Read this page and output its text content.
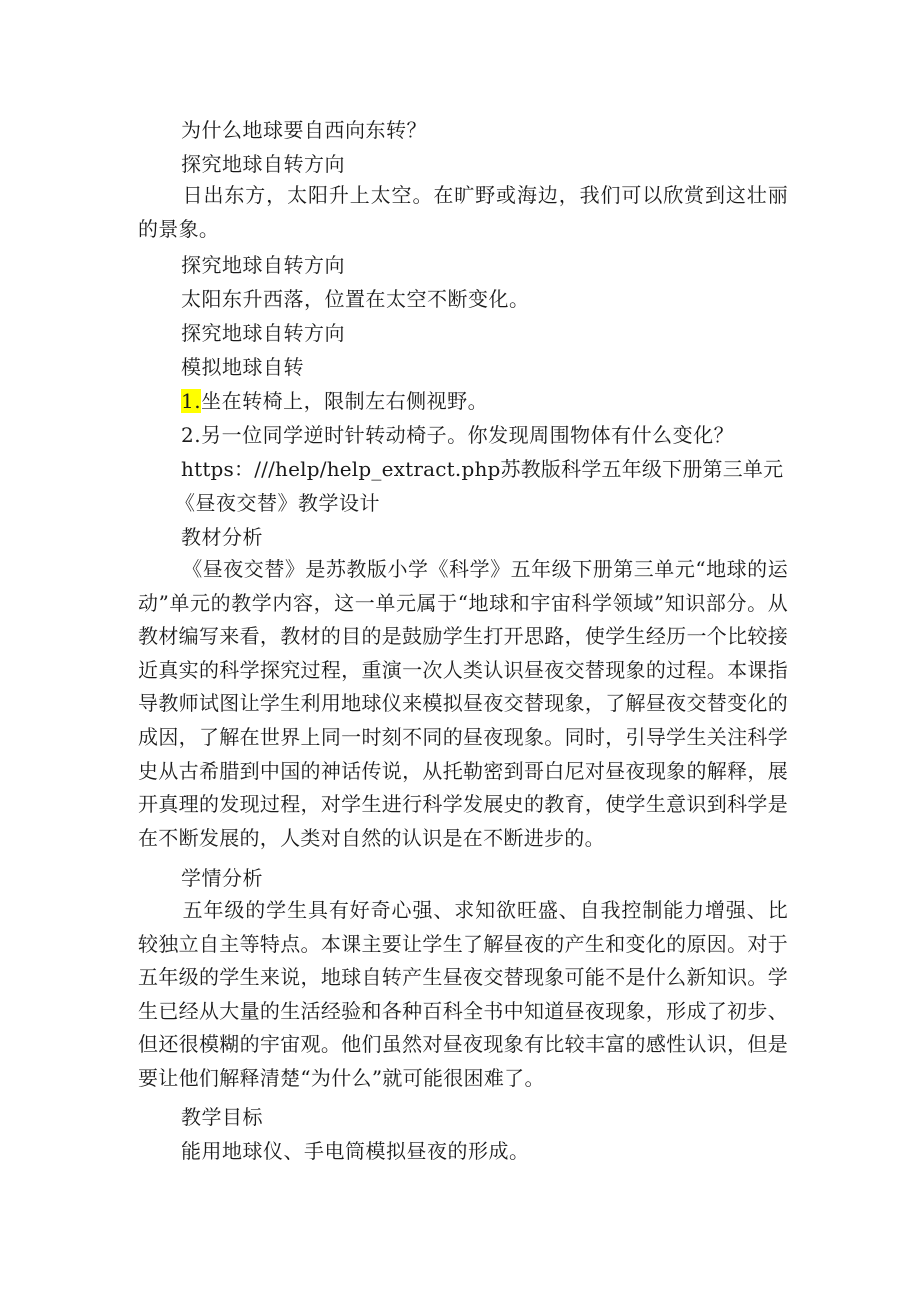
为什么地球要自西向东转？
探究地球自转方向
日出东方，太阳升上太空。在旷野或海边，我们可以欣赏到这壮丽的景象。
探究地球自转方向
太阳东升西落，位置在太空不断变化。
探究地球自转方向
模拟地球自转
1.坐在转椅上，限制左右侧视野。
2.另一位同学逆时针转动椅子。你发现周围物体有什么变化？
https：///help/help_extract.php苏教版科学五年级下册第三单元
《昼夜交替》教学设计
教材分析
《昼夜交替》是苏教版小学《科学》五年级下册第三单元“地球的运动”单元的教学内容，这一单元属于“地球和宇宙科学领域”知识部分。从教材编写来看，教材的目的是鼓励学生打开思路，使学生经历一个比较接近真实的科学探究过程，重演一次人类认识昼夜交替现象的过程。本课指导教师试图让学生利用地球仪来模拟昼夜交替现象，了解昼夜交替变化的成因，了解在世界上同一时刻不同的昼夜现象。同时，引导学生关注科学史从古希腊到中国的神话传说，从托勒密到哥白尼对昼夜现象的解释，展开真理的发现过程，对学生进行科学发展史的教育，使学生意识到科学是在不断发展的，人类对自然的认识是在不断进步的。
学情分析
五年级的学生具有好奇心强、求知欲旺盛、自我控制能力增强、比较独立自主等特点。本课主要让学生了解昼夜的产生和变化的原因。对于五年级的学生来说，地球自转产生昼夜交替现象可能不是什么新知识。学生已经从大量的生活经验和各种百科全书中知道昼夜现象，形成了初步、但还很模糊的宇宙观。他们虽然对昼夜现象有比较丰富的感性认识，但是要让他们解释清楚“为什么”就可能很困难了。
教学目标
能用地球仪、手电筒模拟昼夜的形成。
